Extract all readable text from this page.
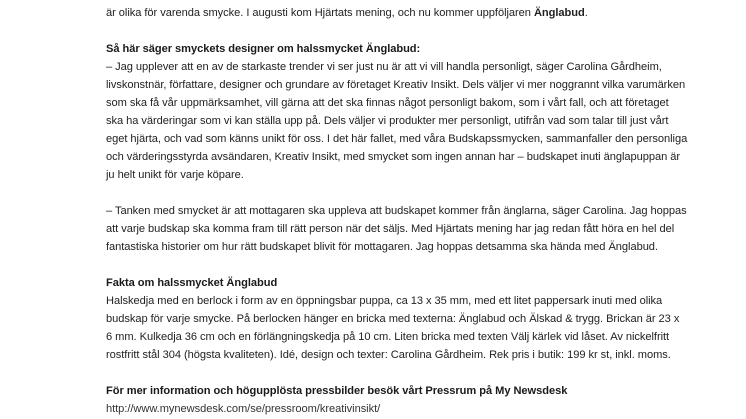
är olika för varenda smycke. I augusti kom Hjärtats mening, och nu kommer uppföljaren Änglabud.
Så här säger smyckets designer om halssmycket Änglabud:
– Jag upplever att en av de starkaste trender vi ser just nu är att vi vill handla personligt, säger Carolina Gårdheim,
livskonstnär, författare, designer och grundare av företaget Kreativ Insikt. Dels väljer vi mer noggrannt vilka varumärken
som ska få vår uppmärksamhet, vill gärna att det ska finnas något personligt bakom, som i vårt fall, och att företaget
ska ha värderingar som vi kan ställa upp på. Dels väljer vi produkter mer personligt, utifrån vad som talar till just vårt
eget hjärta, och vad som känns unikt för oss. I det här fallet, med våra Budskapssmycken, sammanfaller den personliga
och värderingsstyrda avsändaren, Kreativ Insikt, med smycket som ingen annan har – budskapet inuti änglapuppan är
ju helt unikt för varje köpare.
– Tanken med smycket är att mottagaren ska uppleva att budskapet kommer från änglarna, säger Carolina. Jag hoppas
att varje budskap ska komma fram till rätt person när det säljs. Med Hjärtats mening har jag redan fått höra en hel del
fantastiska historier om hur rätt budskapet blivit för mottagaren. Jag hoppas detsamma ska hända med Änglabud.
Fakta om halssmycket Änglabud
Halskedja med en berlock i form av en öppningsbar puppa, ca 13 x 35 mm, med ett litet pappersark inuti med olika
budskap för varje smycke. På berlocken hänger en bricka med texterna: Änglabud och Älskad & trygg. Brickan är 23 x
6 mm. Kulkedja 36 cm och en förlängningskedja på 10 cm. Liten bricka med texten Välj kärlek vid låset. Av nickelfritt
rostfritt stål 304 (högsta kvaliteten). Idé, design och texter: Carolina Gårdheim. Rek pris i butik: 199 kr st, inkl. moms.
För mer information och högupplösta pressbilder besök vårt Pressrum på My Newsdesk
http://www.mynewsdesk.com/se/pressroom/kreativinsikt/
